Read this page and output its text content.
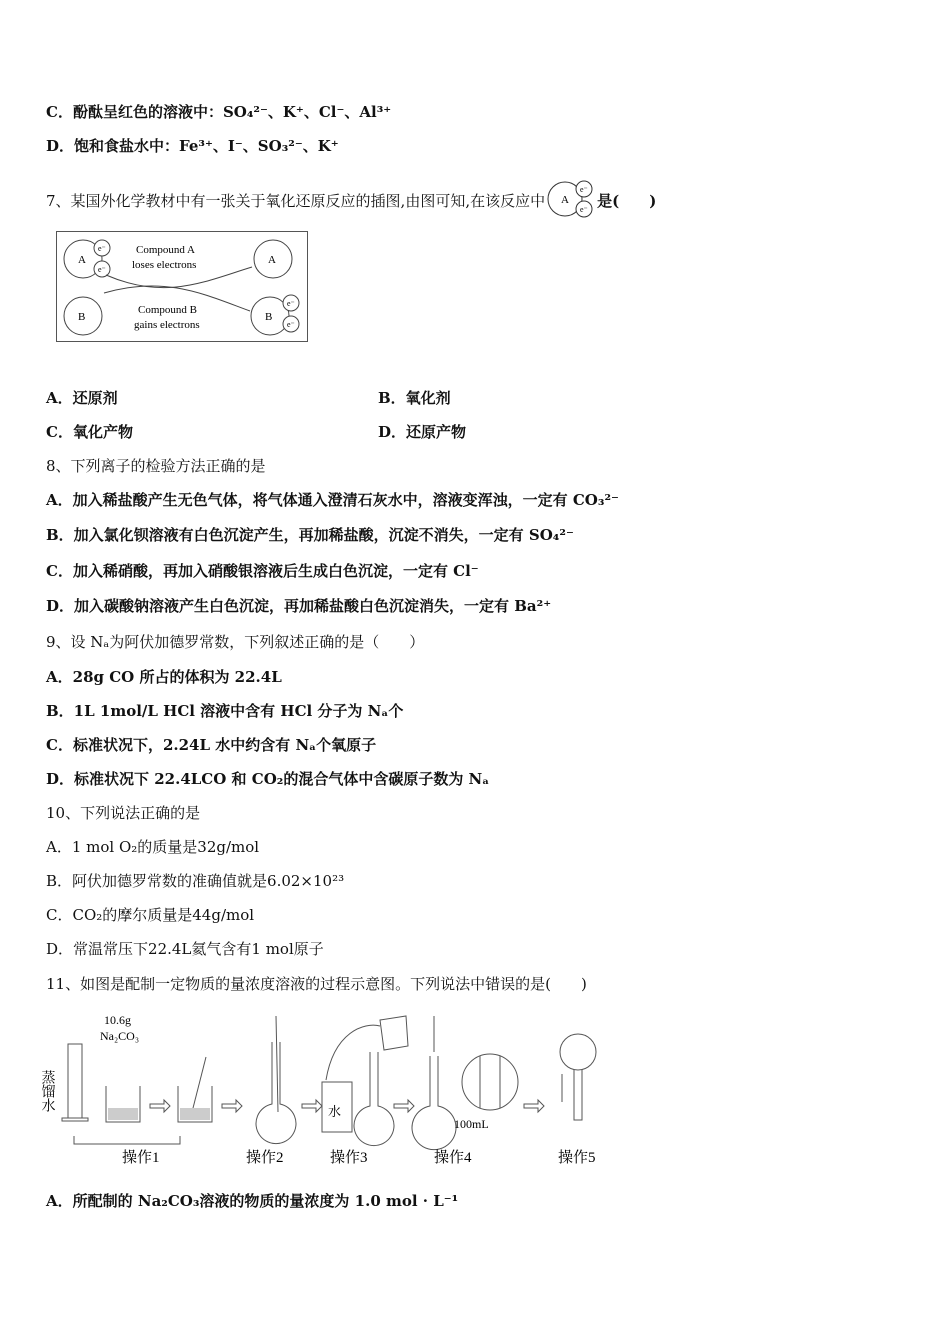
C．酚酞呈红色的溶液中：SO₄²⁻、K⁺、Cl⁻、Al³⁺
D．饱和食盐水中：Fe³⁺、I⁻、SO₃²⁻、K⁺
7、某国外化学教材中有一张关于氧化还原反应的插图,由图可知,在该反应中 A
e⁻
e⁻ 是(　　)
A
e⁻
e⁻
A
B	B
e⁻
e⁻
Compound A
loses electrons
Compound B
gains electrons
A．还原剂	B．氧化剂
C．氧化产物	D．还原产物
8、下列离子的检验方法正确的是
A．加入稀盐酸产生无色气体，将气体通入澄清石灰水中，溶液变浑浊，一定有 CO₃²⁻
B．加入氯化钡溶液有白色沉淀产生，再加稀盐酸，沉淀不消失，一定有 SO₄²⁻
C．加入稀硝酸，再加入硝酸银溶液后生成白色沉淀，一定有 Cl⁻
D．加入碳酸钠溶液产生白色沉淀，再加稀盐酸白色沉淀消失，一定有 Ba²⁺
9、设 Nₐ为阿伏加德罗常数，下列叙述正确的是（　　）
A．28g CO 所占的体积为 22.4L
B．1L 1mol/L HCl 溶液中含有 HCl 分子为 Nₐ个
C．标准状况下，2.24L 水中约含有 Nₐ个氧原子
D．标准状况下 22.4LCO 和 CO₂的混合气体中含碳原子数为 Nₐ
10、下列说法正确的是
A．1 mol O₂的质量是32g/mol
B．阿伏加德罗常数的准确值就是6.02×10²³
C．CO₂的摩尔质量是44g/mol
D．常温常压下22.4L氦气含有1 mol原子
11、如图是配制一定物质的量浓度溶液的过程示意图。下列说法中错误的是(　　)
10.6g
Na₂CO₃
蒸馏水	水
100mL
操作1	操作2	操作3	操作4	操作5
A．所配制的 Na₂CO₃溶液的物质的量浓度为 1.0 mol · L⁻¹
